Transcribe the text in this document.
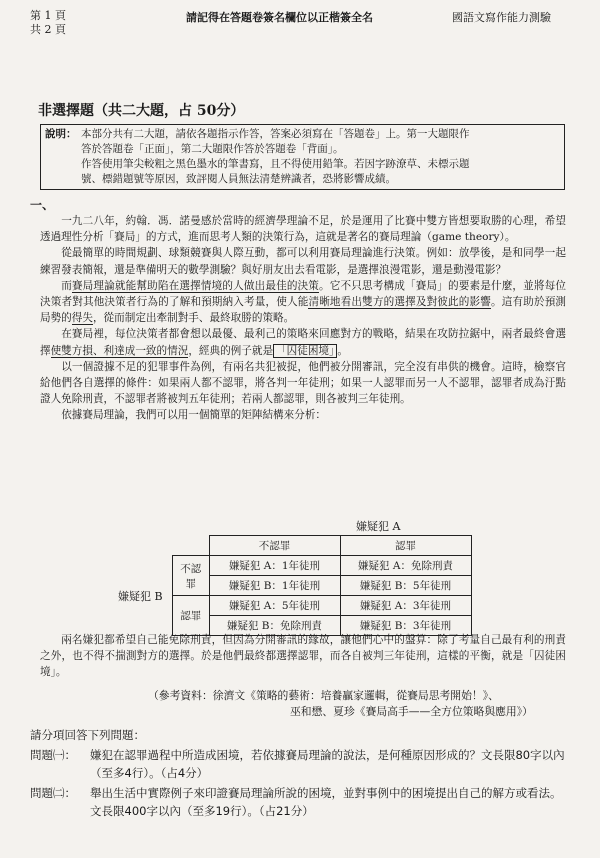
第 1 頁
共 2 頁
請記得在答題卷簽名欄位以正楷簽全名	國語文寫作能力測驗
非選擇題（共二大題，占 50分）
說明： 本部分共有二大題，請依各題指示作答，答案必須寫在「答題卷」上。第一大題限作
答於答題卷「正面」，第二大題限作答於答題卷「背面」。
作答使用筆尖較粗之黑色墨水的筆書寫，且不得使用鉛筆。若因字跡潦草、未標示題
號、標錯題號等原因，致評閱人員無法清楚辨識者，恐將影響成績。
一、

一九二八年，約翰．馮．諾曼感於當時的經濟學理論不足，於是運用了比賽中雙方皆想要取勝的心理，希望透過理性分析「賽局」的方式，進而思考人類的決策行為，這就是著名的賽局理論（game theory）。

從最簡單的時間規劃、球類競賽與人際互動，都可以利用賽局理論進行決策。例如：放學後，是和同學一起練習發表簡報，還是準備明天的數學測驗？與好朋友出去看電影，是選擇浪漫電影，還是動漫電影？

而賽局理論就能幫助陷在選擇情境的人做出最佳的決策。它不只思考構成「賽局」的要素是什麼，並將每位決策者對其他決策者行為的了解和預期納入考量，使人能清晰地看出雙方的選擇及對彼此的影響。這有助於預測局勢的得失，從而制定出牽制對手、最終取勝的策略。

在賽局裡，每位決策者都會想以最優、最利己的策略來回應對方的戰略，結果在攻防拉鋸中，兩者最終會選擇使雙方損、利達成一致的情況，經典的例子就是 「囚徒困境」 。

以一個證據不足的犯罪事件為例，有兩名共犯被捉，他們被分開審訊，完全沒有串供的機會。這時，檢察官給他們各自選擇的條件：如果兩人都不認罪，將各判一年徒刑；如果一人認罪而另一人不認罪，認罪者成為汙點證人免除刑責，不認罪者將被判五年徒刑；若兩人都認罪，則各被判三年徒刑。

依據賽局理論，我們可以用一個簡單的矩陣結構來分析：

嫌疑犯 A
嫌疑犯 B
	不認罪	認罪
不認罪	嫌疑犯 A：1年徒刑	嫌疑犯 A：免除刑責
	嫌疑犯 B：1年徒刑	嫌疑犯 B：5年徒刑
認罪	嫌疑犯 A：5年徒刑	嫌疑犯 A：3年徒刑
	嫌疑犯 B：免除刑責	嫌疑犯 B：3年徒刑

兩名嫌犯都希望自己能免除刑責，但因為分開審訊的緣故，讓他們心中的盤算：除了考量自己最有利的刑責之外，也不得不揣測對方的選擇。於是他們最終都選擇認罪，而各自被判三年徒刑，這樣的平衡，就是「囚徒困境」。

（參考資料：徐濟文《策略的藝術：培養贏家邏輯，從賽局思考開始！》、
巫和懋、夏珍《賽局高手——全方位策略與應用》）
請分項回答下列問題：
問題㈠： 嫌犯在認罪過程中所造成困境，若依據賽局理論的說法，是何種原因形成的？文長限80字以內（至多4行）。（占4分）
問題㈡： 舉出生活中實際例子來印證賽局理論所說的困境，並對事例中的困境提出自己的解方或看法。文長限400字以內（至多19行）。（占21分）
